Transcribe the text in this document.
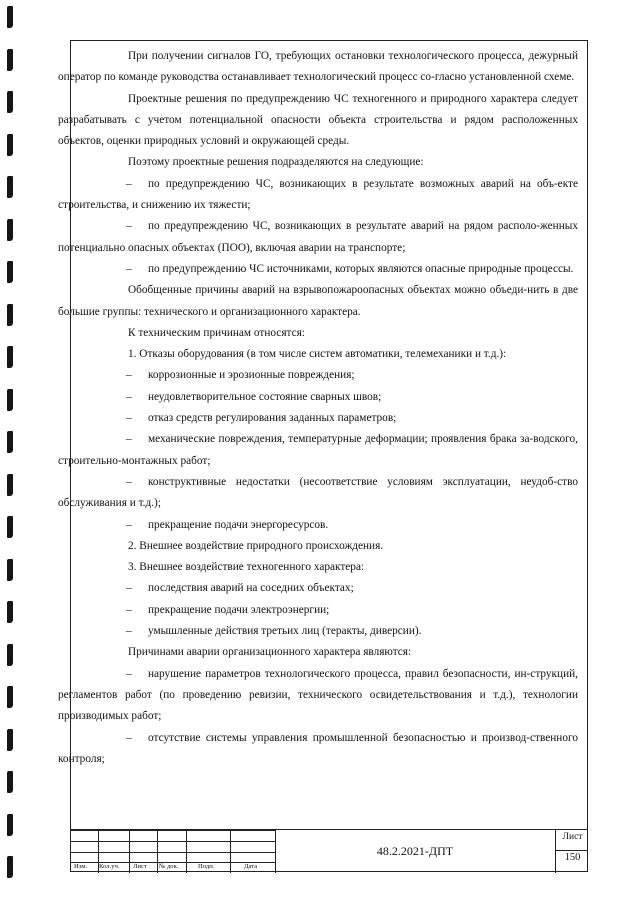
При получении сигналов ГО, требующих остановки технологического процесса, дежурный оператор по команде руководства останавливает технологический процесс со-гласно установленной схеме.

Проектные решения по предупреждению ЧС техногенного и природного характера следует разрабатывать с учетом потенциальной опасности объекта строительства и рядом расположенных объектов, оценки природных условий и окружающей среды.

Поэтому проектные решения подразделяются на следующие:

– по предупреждению ЧС, возникающих в результате возможных аварий на объ-екте строительства, и снижению их тяжести;

– по предупреждению ЧС, возникающих в результате аварий на рядом располо-женных потенциально опасных объектах (ПОО), включая аварии на транспорте;

– по предупреждению ЧС источниками, которых являются опасные природные процессы.

Обобщенные причины аварий на взрывопожароопасных объектах можно объеди-нить в две большие группы: технического и организационного характера.

К техническим причинам относятся:

1. Отказы оборудования (в том числе систем автоматики, телемеханики и т.д.):

– коррозионные и эрозионные повреждения;

– неудовлетворительное состояние сварных швов;

– отказ средств регулирования заданных параметров;

– механические повреждения, температурные деформации; проявления брака за-водского, строительно-монтажных работ;

– конструктивные недостатки (несоответствие условиям эксплуатации, неудоб-ство обслуживания и т.д.);

– прекращение подачи энергоресурсов.

2. Внешнее воздействие природного происхождения.

3. Внешнее воздействие техногенного характера:

– последствия аварий на соседних объектах;

– прекращение подачи электроэнергии;

– умышленные действия третьих лиц (теракты, диверсии).

Причинами аварии организационного характера являются:

– нарушение параметров технологического процесса, правил безопасности, ин-струкций, регламентов работ (по проведению ревизии, технического освидетельствования и т.д.), технологии производимых работ;

– отсутствие системы управления промышленной безопасностью и производ-ственного контроля;

Изм. Кол.уч. Лист № док.	Подп.	Дата
48.2.2021-ДПТ
Лист
150
